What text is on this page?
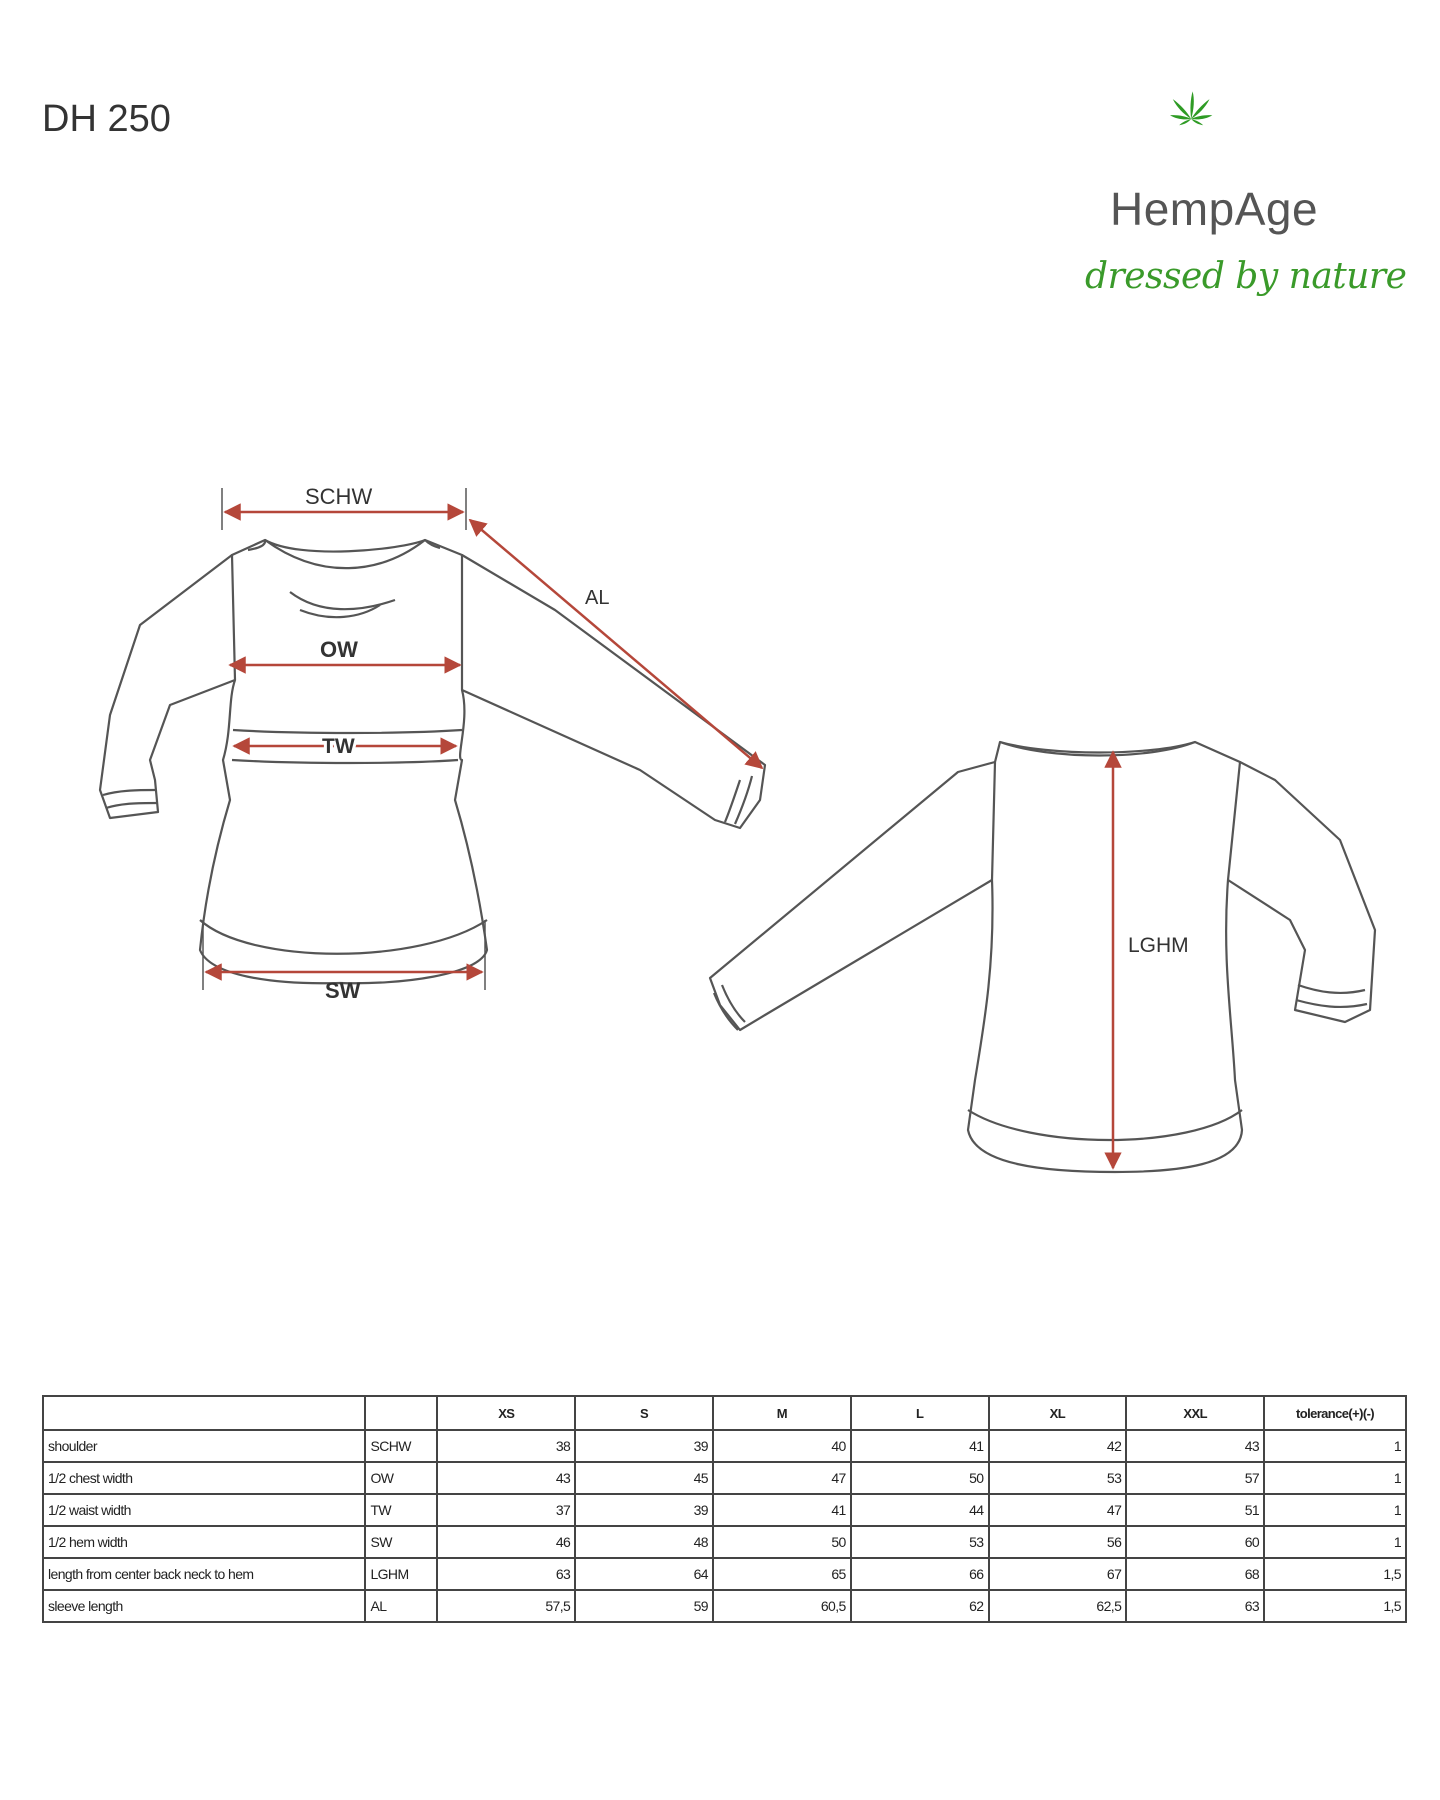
DH 250
HempAge
dressed by nature
SCHW
AL
OW
TW
SW
LGHM
		XS	S	M	L	XL	XXL	tolerance(+)(-)
shoulder	SCHW	38	39	40	41	42	43	1
1/2 chest width	OW	43	45	47	50	53	57	1
1/2 waist width	TW	37	39	41	44	47	51	1
1/2 hem width	SW	46	48	50	53	56	60	1
length from center back neck to hem	LGHM	63	64	65	66	67	68	1,5
sleeve length	AL	57,5	59	60,5	62	62,5	63	1,5
